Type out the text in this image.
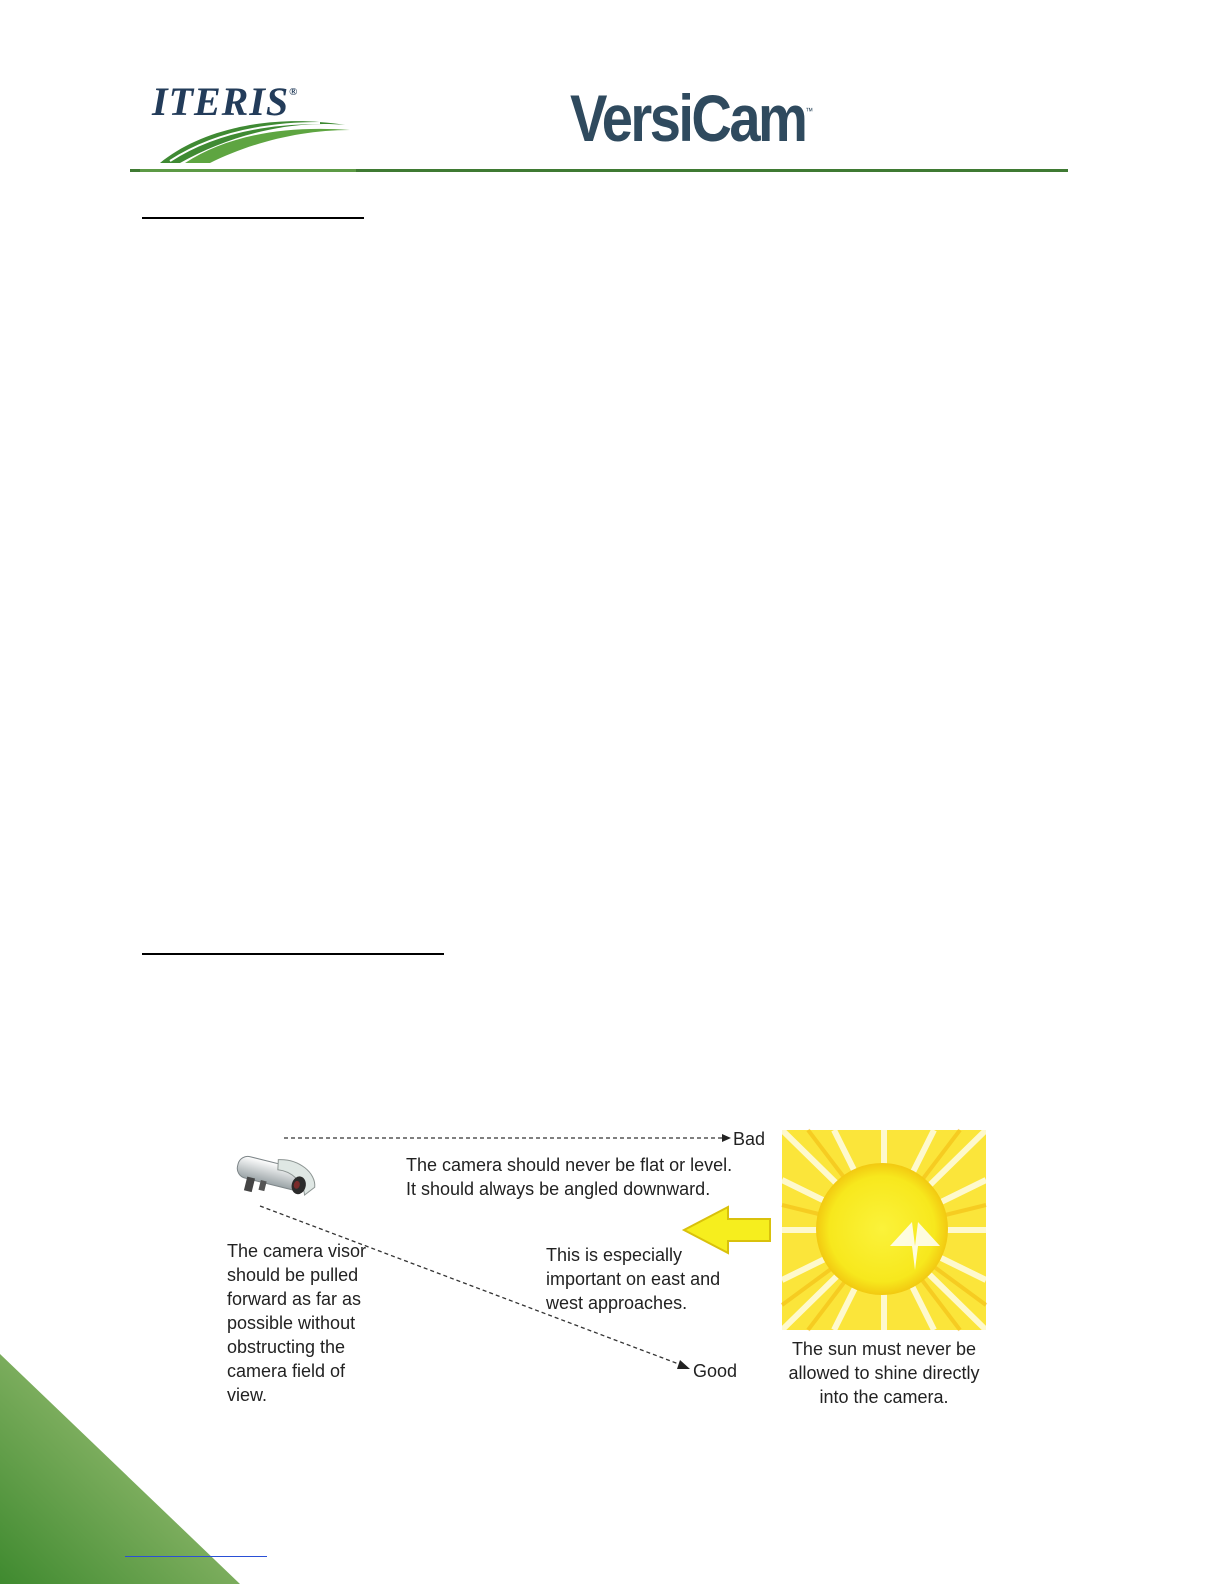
ITERIS®	VersiCam™
Bad
Good
The camera should never be flat or level.
It should always be angled downward.
The camera visor
should be pulled
forward as far as
possible without
obstructing the
camera field of
view.
This is especially
important on east and
west approaches.
The sun must never be
allowed to shine directly
into the camera.
